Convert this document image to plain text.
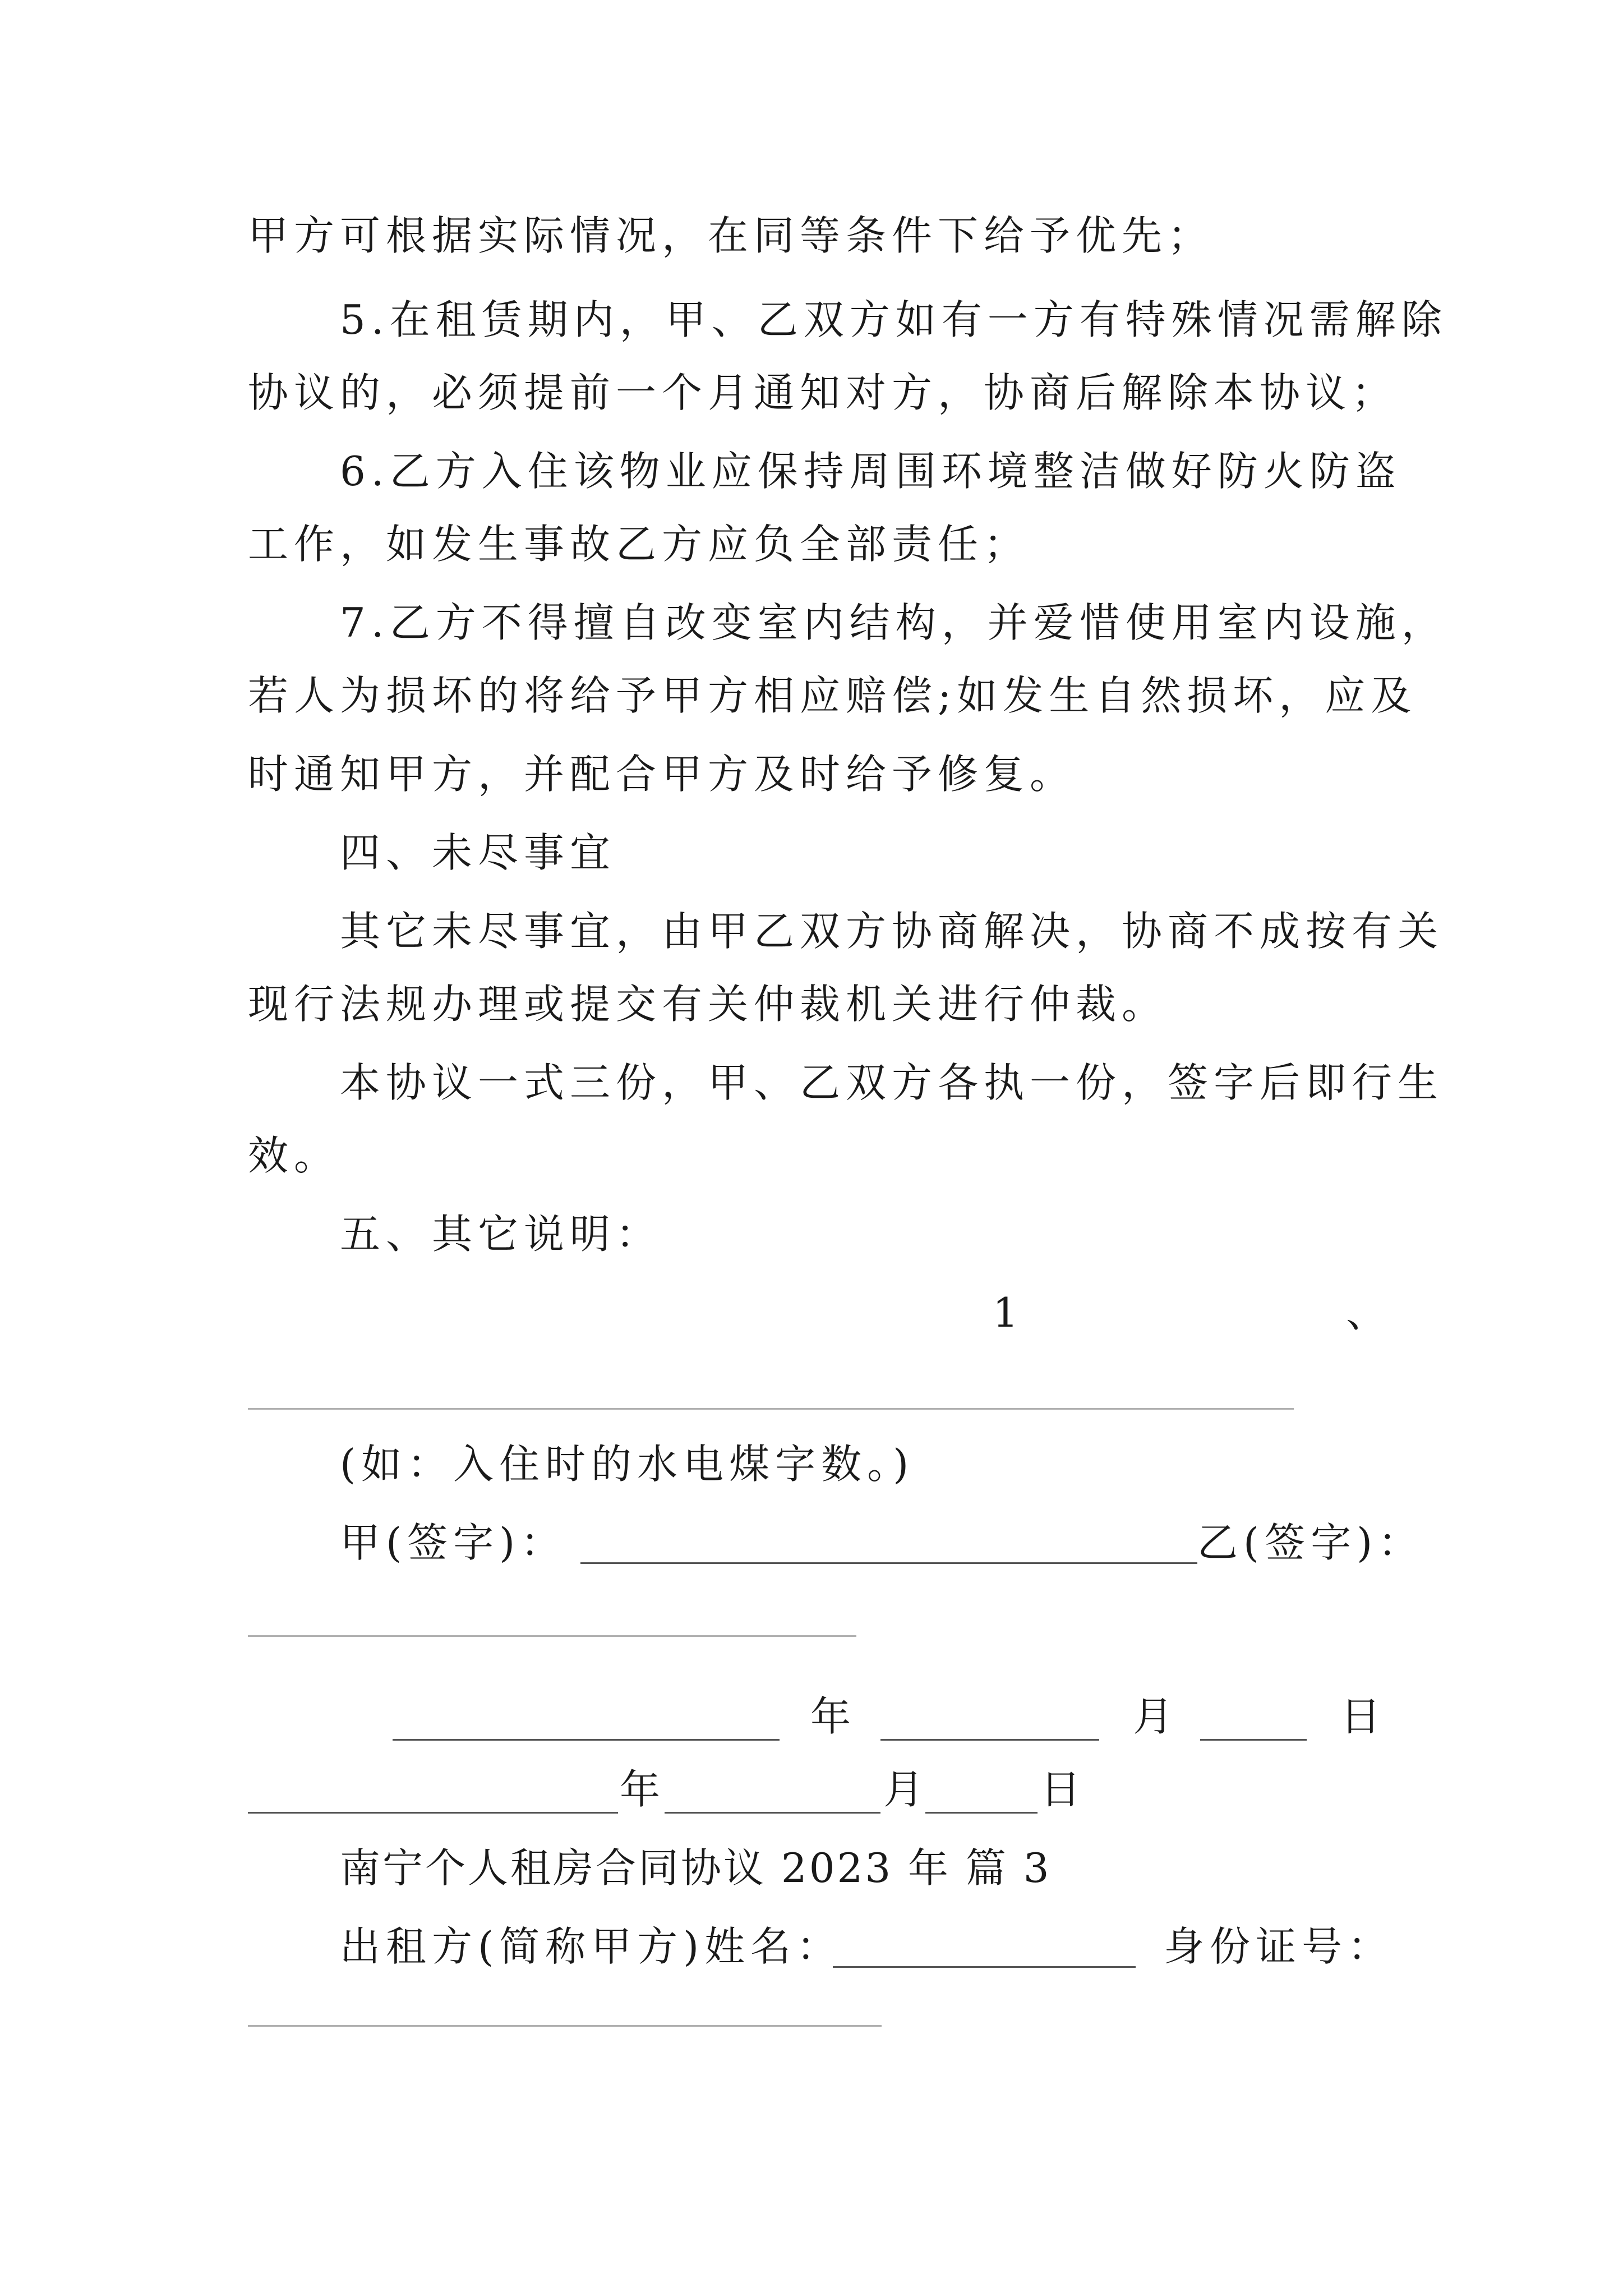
甲方可根据实际情况，在同等条件下给予优先；
5.在租赁期内，甲、乙双方如有一方有特殊情况需解除
协议的，必须提前一个月通知对方，协商后解除本协议；
6.乙方入住该物业应保持周围环境整洁做好防火防盗
工作，如发生事故乙方应负全部责任；
7.乙方不得擅自改变室内结构，并爱惜使用室内设施，
若人为损坏的将给予甲方相应赔偿;如发生自然损坏，应及
时通知甲方，并配合甲方及时给予修复。
四、未尽事宜
其它未尽事宜，由甲乙双方协商解决，协商不成按有关
现行法规办理或提交有关仲裁机关进行仲裁。
本协议一式三份，甲、乙双方各执一份，签字后即行生
效。
五、其它说明：
1	、
(如：入住时的水电煤字数。)
甲(签字)：	乙(签字)：
年	月	日
年	月	日
南宁个人租房合同协议 2023 年 篇 3
出租方(简称甲方)姓名：	身份证号：
